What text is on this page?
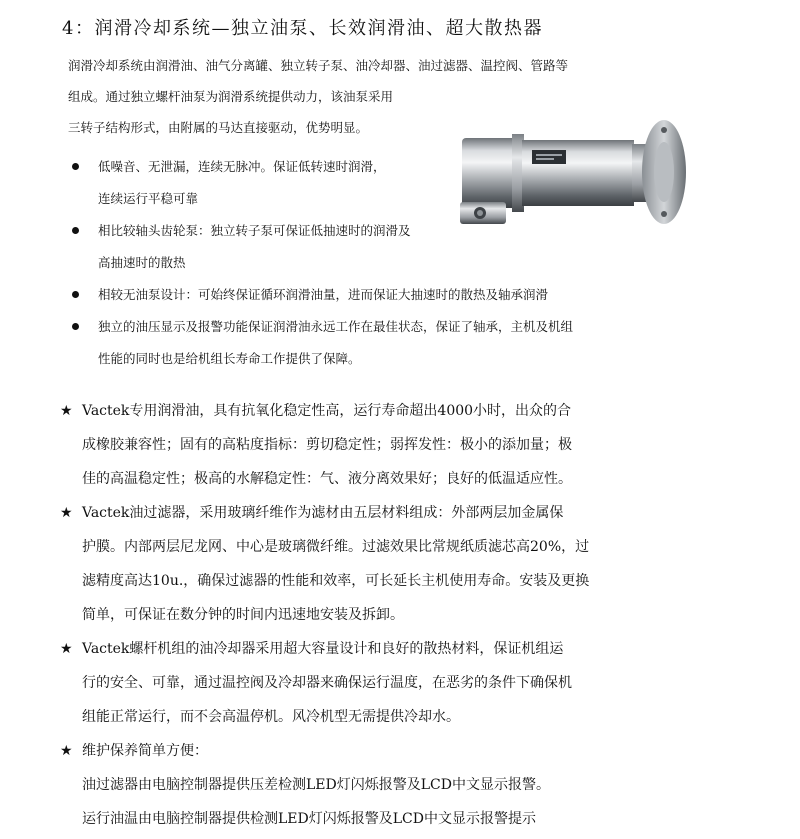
4：润滑冷却系统—独立油泵、长效润滑油、超大散热器
润滑冷却系统由润滑油、油气分离罐、独立转子泵、油冷却器、油过滤器、温控阀、管路等
组成。通过独立螺杆油泵为润滑系统提供动力，该油泵采用
三转子结构形式，由附属的马达直接驱动，优势明显。
低噪音、无泄漏，连续无脉冲。保证低转速时润滑，
连续运行平稳可靠
相比较轴头齿轮泵：独立转子泵可保证低抽速时的润滑及
高抽速时的散热
相较无油泵设计：可始终保证循环润滑油量，进而保证大抽速时的散热及轴承润滑
独立的油压显示及报警功能保证润滑油永远工作在最佳状态，保证了轴承，主机及机组
性能的同时也是给机组长寿命工作提供了保障。
★ Vactek专用润滑油，具有抗氧化稳定性高，运行寿命超出4000小时，出众的合
成橡胶兼容性；固有的高粘度指标：剪切稳定性；弱挥发性：极小的添加量；极
佳的高温稳定性；极高的水解稳定性：气、液分离效果好；良好的低温适应性。
★ Vactek油过滤器，采用玻璃纤维作为滤材由五层材料组成：外部两层加金属保
护膜。内部两层尼龙网、中心是玻璃微纤维。过滤效果比常规纸质滤芯高20%，过
滤精度高达10u.，确保过滤器的性能和效率，可长延长主机使用寿命。安装及更换
简单，可保证在数分钟的时间内迅速地安装及拆卸。
★ Vactek螺杆机组的油冷却器采用超大容量设计和良好的散热材料，保证机组运
行的安全、可靠，通过温控阀及冷却器来确保运行温度，在恶劣的条件下确保机
组能正常运行，而不会高温停机。风冷机型无需提供冷却水。
★ 维护保养简单方便：
油过滤器由电脑控制器提供压差检测LED灯闪烁报警及LCD中文显示报警。
运行油温由电脑控制器提供检测LED灯闪烁报警及LCD中文显示报警提示
